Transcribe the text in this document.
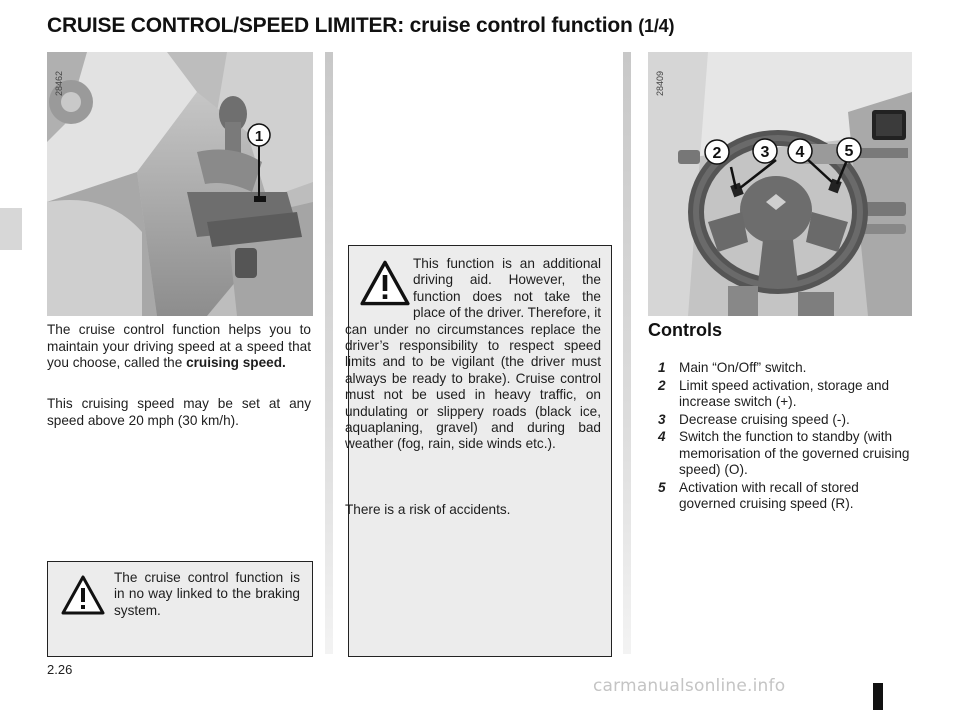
CRUISE CONTROL/SPEED LIMITER: cruise control function (1/4)
1
28462

The cruise control function helps you to maintain your driving speed at a speed that you choose, called the cruising speed.

This cruising speed may be set at any speed above 20 mph (30 km/h).

The cruise control function is in no way linked to the braking system.

This function is an additional driving aid. However, the function does not take the place of the driver. Therefore, it can under no circumstances replace the driver’s responsibility to respect speed limits and to be vigilant (the driver must always be ready to brake). Cruise control must not be used in heavy traffic, on undulating or slippery roads (black ice, aquaplaning, gravel) and during bad weather (fog, rain, side winds etc.).

There is a risk of accidents.

2 3 4	5
28409
Controls
1 Main “On/Off” switch.
2 Limit speed activation, storage and increase switch (+).
3 Decrease cruising speed (-).
4 Switch the function to standby (with memorisation of the governed cruising speed) (O).
5 Activation with recall of stored governed cruising speed (R).
2.26
carmanualsonline.info
